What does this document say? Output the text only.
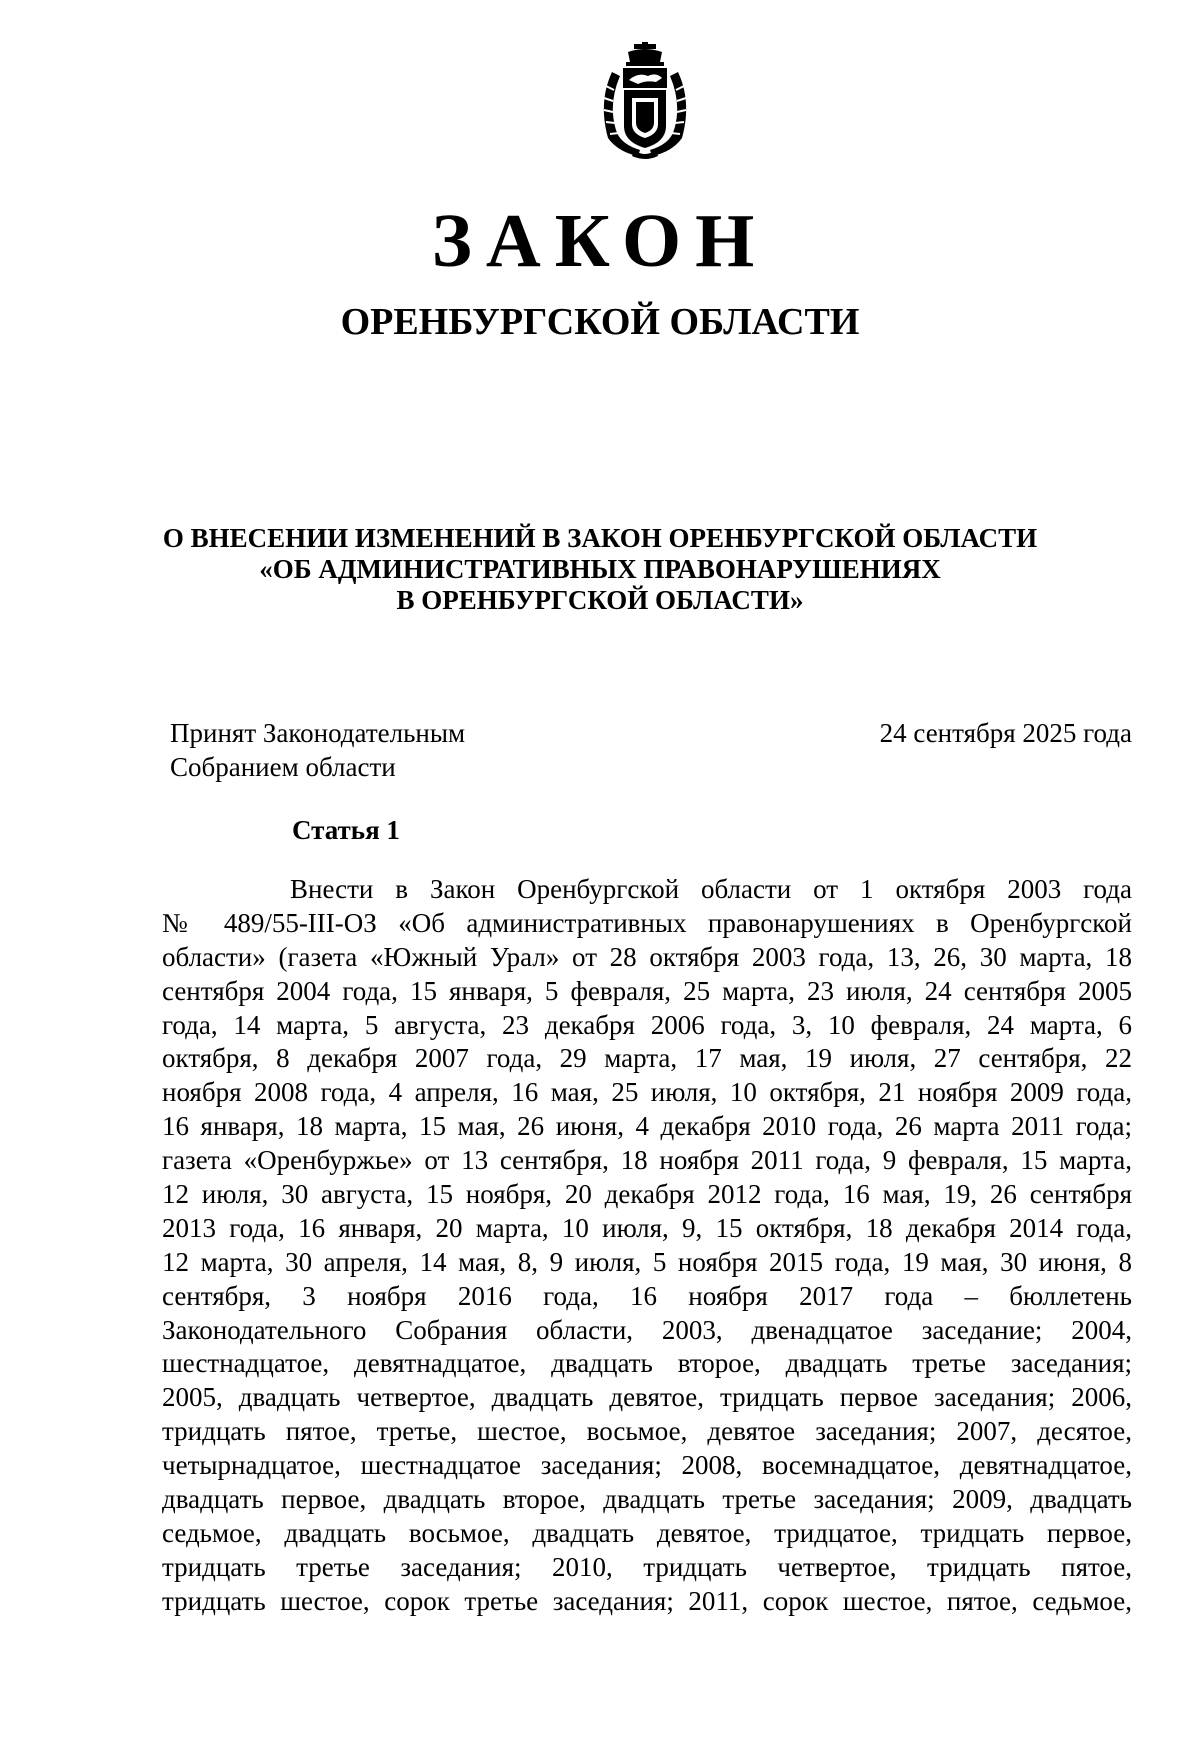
ЗАКОН
ОРЕНБУРГСКОЙ ОБЛАСТИ
О ВНЕСЕНИИ ИЗМЕНЕНИЙ В ЗАКОН ОРЕНБУРГСКОЙ ОБЛАСТИ
«ОБ АДМИНИСТРАТИВНЫХ ПРАВОНАРУШЕНИЯХ
В ОРЕНБУРГСКОЙ ОБЛАСТИ»
Принят Законодательным
Собранием области
24 сентября 2025 года
Статья 1
Внести в Закон Оренбургской области от 1 октября 2003 года
№ 489/55-III-ОЗ «Об административных правонарушениях в Оренбургской
области» (газета «Южный Урал» от 28 октября 2003 года, 13, 26, 30 марта, 18
сентября 2004 года, 15 января, 5 февраля, 25 марта, 23 июля, 24 сентября 2005
года, 14 марта, 5 августа, 23 декабря 2006 года, 3, 10 февраля, 24 марта, 6
октября, 8 декабря 2007 года, 29 марта, 17 мая, 19 июля, 27 сентября, 22
ноября 2008 года, 4 апреля, 16 мая, 25 июля, 10 октября, 21 ноября 2009 года,
16 января, 18 марта, 15 мая, 26 июня, 4 декабря 2010 года, 26 марта 2011 года;
газета «Оренбуржье» от 13 сентября, 18 ноября 2011 года, 9 февраля, 15 марта,
12 июля, 30 августа, 15 ноября, 20 декабря 2012 года, 16 мая, 19, 26 сентября
2013 года, 16 января, 20 марта, 10 июля, 9, 15 октября, 18 декабря 2014 года,
12 марта, 30 апреля, 14 мая, 8, 9 июля, 5 ноября 2015 года, 19 мая, 30 июня, 8
сентября, 3 ноября 2016 года, 16 ноября 2017 года – бюллетень
Законодательного Собрания области, 2003, двенадцатое заседание; 2004,
шестнадцатое, девятнадцатое, двадцать второе, двадцать третье заседания;
2005, двадцать четвертое, двадцать девятое, тридцать первое заседания; 2006,
тридцать пятое, третье, шестое, восьмое, девятое заседания; 2007, десятое,
четырнадцатое, шестнадцатое заседания; 2008, восемнадцатое, девятнадцатое,
двадцать первое, двадцать второе, двадцать третье заседания; 2009, двадцать
седьмое, двадцать восьмое, двадцать девятое, тридцатое, тридцать первое,
тридцать третье заседания; 2010, тридцать четвертое, тридцать пятое,
тридцать шестое, сорок третье заседания; 2011, сорок шестое, пятое, седьмое,
